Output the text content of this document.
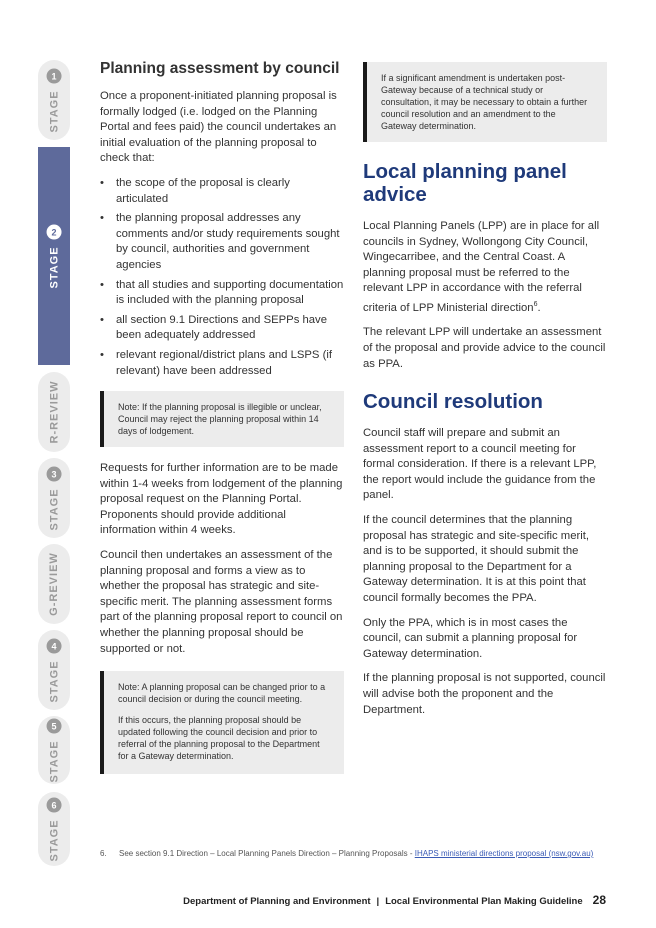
STAGE
1
STAGE
2
R-REVIEW
STAGE
3
G-REVIEW
STAGE
4
STAGE
5
STAGE
6
Planning assessment by council

Once a proponent-initiated planning proposal is formally lodged (i.e. lodged on the Planning Portal and fees paid) the council undertakes an initial evaluation of the planning proposal to check that:

• the scope of the proposal is clearly articulated
• the planning proposal addresses any comments and/or study requirements sought by council, authorities and government agencies
• that all studies and supporting documentation is included with the planning proposal
• all section 9.1 Directions and SEPPs have been adequately addressed
• relevant regional/district plans and LSPS (if relevant) have been addressed

Note: If the planning proposal is illegible or unclear, Council may reject the planning proposal within 14 days of lodgement.

Requests for further information are to be made within 1-4 weeks from lodgement of the planning proposal request on the Planning Portal. Proponents should provide additional information within 4 weeks.

Council then undertakes an assessment of the planning proposal and forms a view as to whether the proposal has strategic and site-specific merit. The planning assessment forms part of the planning proposal report to council on whether the planning proposal should be supported or not.

Note: A planning proposal can be changed prior to a council decision or during the council meeting.

If this occurs, the planning proposal should be updated following the council decision and prior to referral of the planning proposal to the Department for a Gateway determination.

If a significant amendment is undertaken post-Gateway because of a technical study or consultation, it may be necessary to obtain a further council resolution and an amendment to the Gateway determination.

Local planning panel advice

Local Planning Panels (LPP) are in place for all councils in Sydney, Wollongong City Council, Wingecarribee, and the Central Coast. A planning proposal must be referred to the relevant LPP in accordance with the referral criteria of LPP Ministerial direction$^6$.

The relevant LPP will undertake an assessment of the proposal and provide advice to the council as PPA.

Council resolution

Council staff will prepare and submit an assessment report to a council meeting for formal consideration. If there is a relevant LPP, the report would include the guidance from the panel.

If the council determines that the planning proposal has strategic and site-specific merit, and is to be supported, it should submit the planning proposal to the Department for a Gateway determination. It is at this point that council formally becomes the PPA.

Only the PPA, which is in most cases the council, can submit a planning proposal for Gateway determination.

If the planning proposal is not supported, council will advise both the proponent and the Department.

6.	See section 9.1 Direction – Local Planning Panels Direction – Planning Proposals - IHAPS ministerial directions proposal (nsw.gov.au)
Department of Planning and Environment | Local Environmental Plan Making Guideline 28
